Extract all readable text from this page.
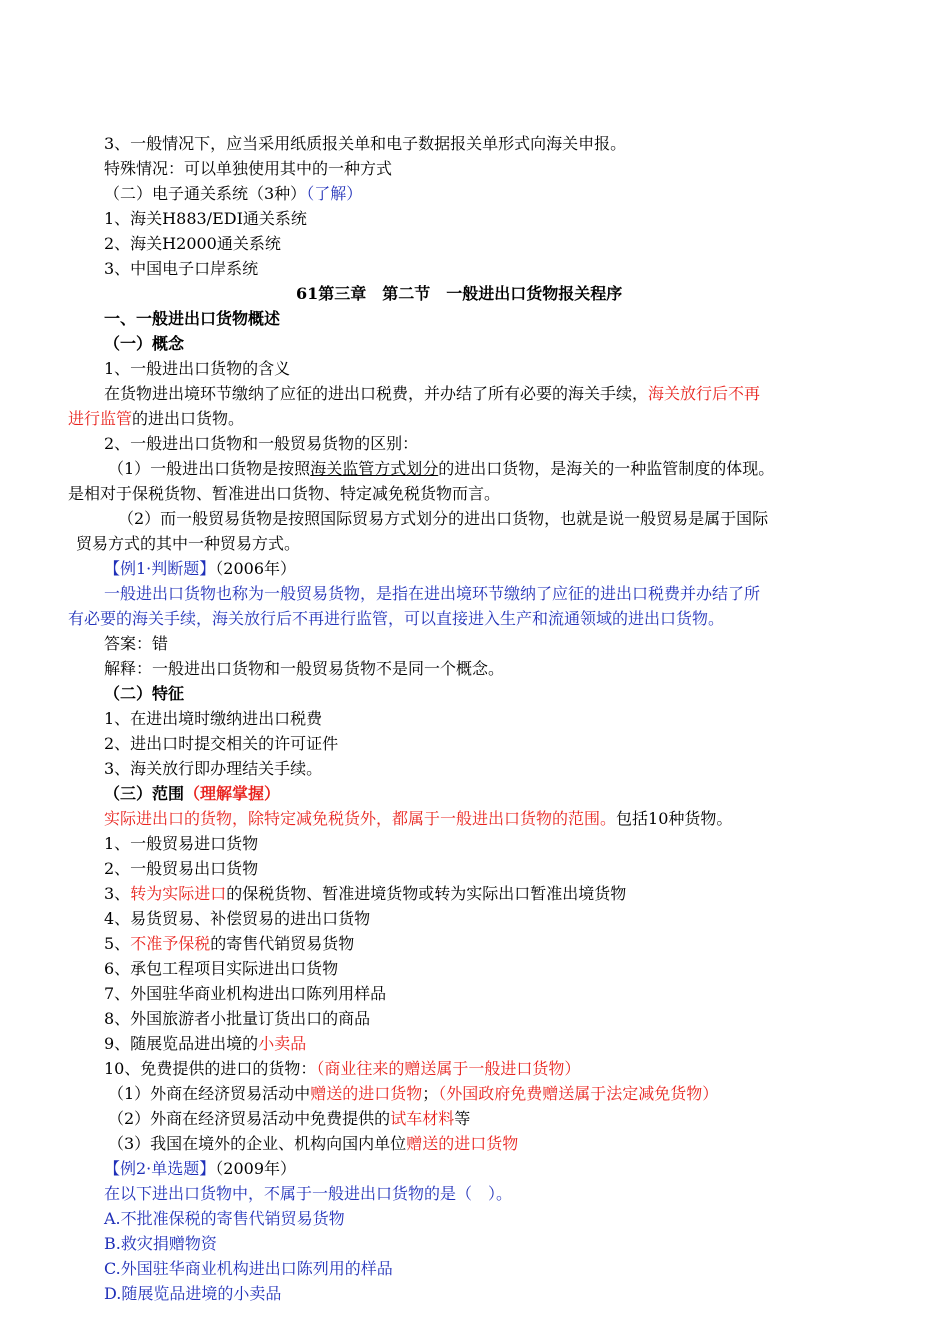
3、一般情况下，应当采用纸质报关单和电子数据报关单形式向海关申报。
特殊情况：可以单独使用其中的一种方式
（二）电子通关系统（3种）（了解）
1、海关H883/EDI通关系统
2、海关H2000通关系统
3、中国电子口岸系统
61第三章　第二节　一般进出口货物报关程序
一、一般进出口货物概述
（一）概念
1、一般进出口货物的含义
在货物进出境环节缴纳了应征的进出口税费，并办结了所有必要的海关手续，海关放行后不再
进行监管的进出口货物。
2、一般进出口货物和一般贸易货物的区别：
（1）一般进出口货物是按照海关监管方式划分的进出口货物，是海关的一种监管制度的体现。
是相对于保税货物、暂准进出口货物、特定减免税货物而言。
（2）而一般贸易货物是按照国际贸易方式划分的进出口货物，也就是说一般贸易是属于国际
贸易方式的其中一种贸易方式。
【例1·判断题】（2006年）
一般进出口货物也称为一般贸易货物，是指在进出境环节缴纳了应征的进出口税费并办结了所
有必要的海关手续，海关放行后不再进行监管，可以直接进入生产和流通领域的进出口货物。
答案：错
解释：一般进出口货物和一般贸易货物不是同一个概念。
（二）特征
1、在进出境时缴纳进出口税费
2、进出口时提交相关的许可证件
3、海关放行即办理结关手续。
（三）范围（理解掌握）
实际进出口的货物，除特定减免税货外，都属于一般进出口货物的范围。包括10种货物。
1、一般贸易进口货物
2、一般贸易出口货物
3、转为实际进口的保税货物、暂准进境货物或转为实际出口暂准出境货物
4、易货贸易、补偿贸易的进出口货物
5、不准予保税的寄售代销贸易货物
6、承包工程项目实际进出口货物
7、外国驻华商业机构进出口陈列用样品
8、外国旅游者小批量订货出口的商品
9、随展览品进出境的小卖品
10、免费提供的进口的货物：（商业往来的赠送属于一般进口货物）
（1）外商在经济贸易活动中赠送的进口货物；（外国政府免费赠送属于法定减免货物）
（2）外商在经济贸易活动中免费提供的试车材料等
（3）我国在境外的企业、机构向国内单位赠送的进口货物
【例2·单选题】（2009年）
在以下进出口货物中，不属于一般进出口货物的是（　）。
A.不批准保税的寄售代销贸易货物
B.救灾捐赠物资
C.外国驻华商业机构进出口陈列用的样品
D.随展览品进境的小卖品
